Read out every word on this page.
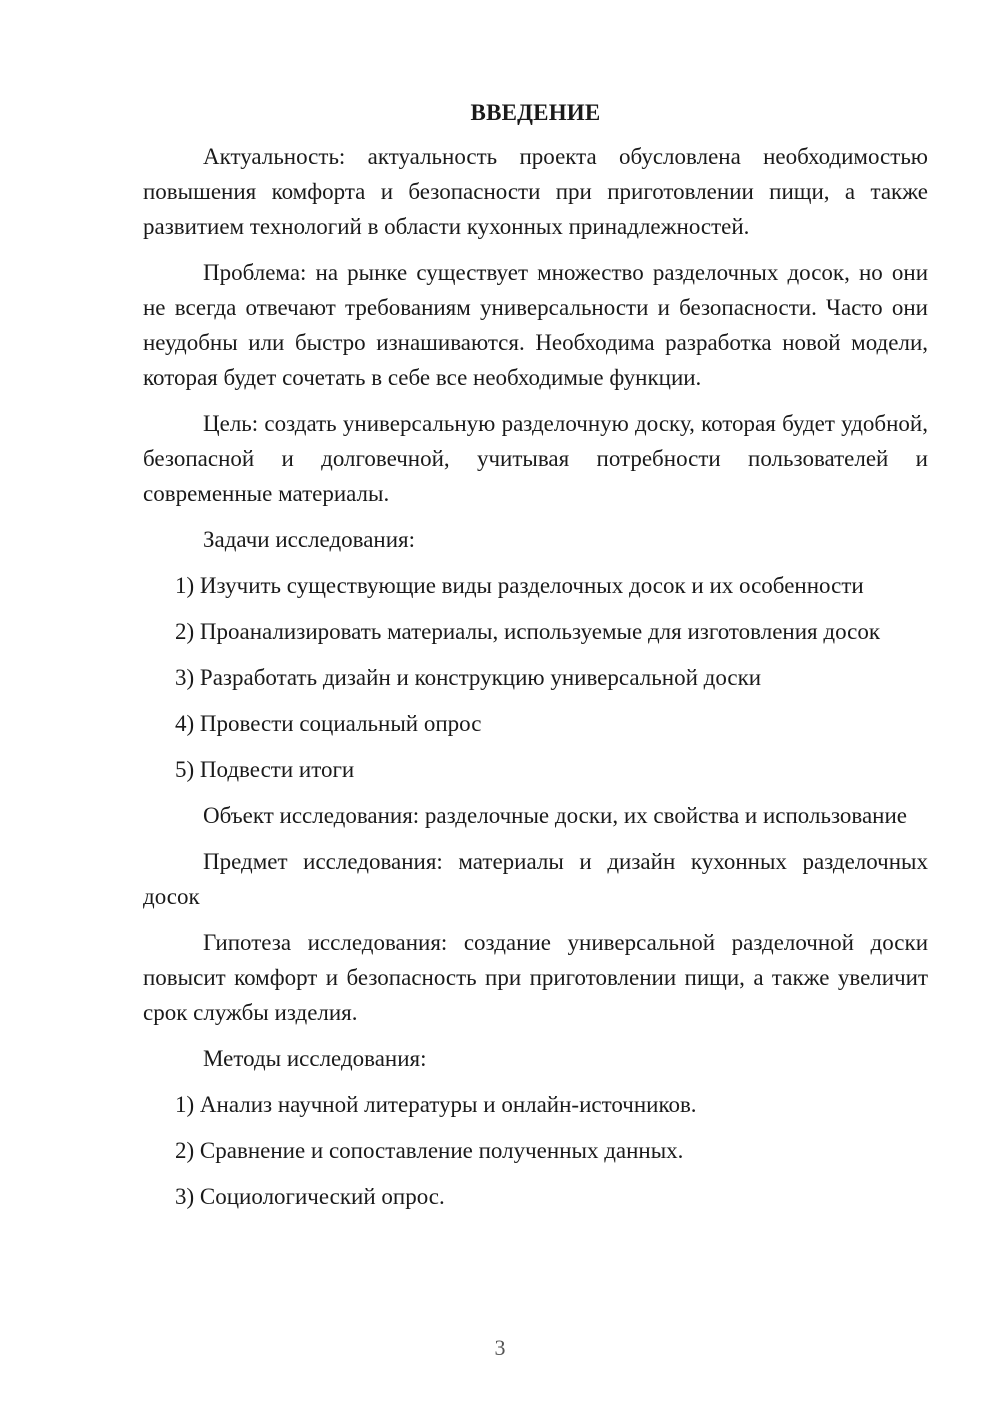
ВВЕДЕНИЕ

Актуальность: актуальность проекта обусловлена необходимостью повышения комфорта и безопасности при приготовлении пищи, а также развитием технологий в области кухонных принадлежностей.

Проблема: на рынке существует множество разделочных досок, но они не всегда отвечают требованиям универсальности и безопасности. Часто они неудобны или быстро изнашиваются. Необходима разработка новой модели, которая будет сочетать в себе все необходимые функции.

Цель: создать универсальную разделочную доску, которая будет удобной, безопасной и долговечной, учитывая потребности пользователей и современные материалы.

Задачи исследования:

1) Изучить существующие виды разделочных досок и их особенности

2) Проанализировать материалы, используемые для изготовления досок

3) Разработать дизайн и конструкцию универсальной доски

4) Провести социальный опрос

5) Подвести итоги

Объект исследования: разделочные доски, их свойства и использование

Предмет исследования: материалы и дизайн кухонных разделочных досок

Гипотеза исследования: создание универсальной разделочной доски повысит комфорт и безопасность при приготовлении пищи, а также увеличит срок службы изделия.

Методы исследования:

1) Анализ научной литературы и онлайн-источников.

2) Сравнение и сопоставление полученных данных.

3) Социологический опрос.

3
